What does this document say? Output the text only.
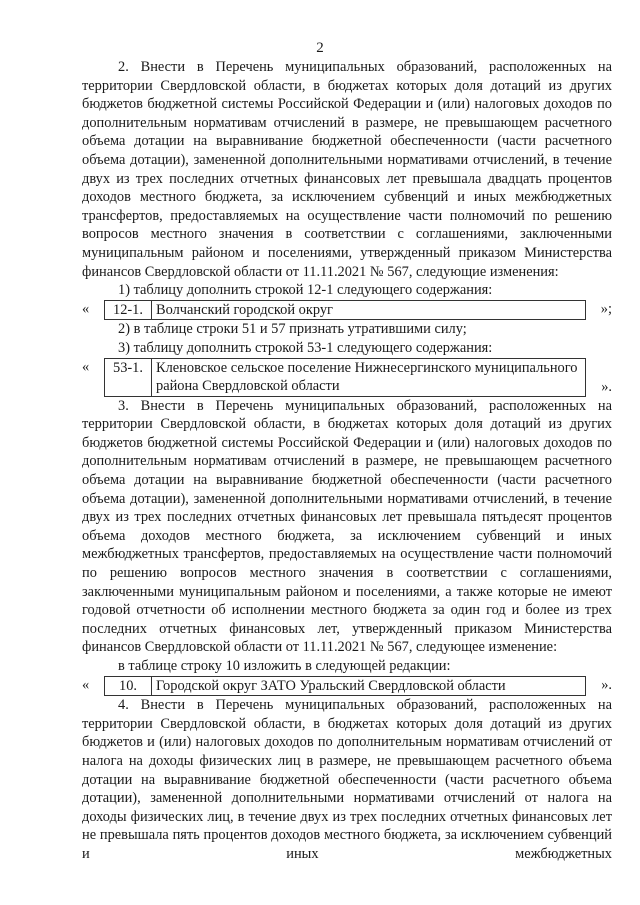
2

2. Внести в Перечень муниципальных образований, расположенных на территории Свердловской области, в бюджетах которых доля дотаций из других бюджетов бюджетной системы Российской Федерации и (или) налоговых доходов по дополнительным нормативам отчислений в размере, не превышающем расчетного объема дотации на выравнивание бюджетной обеспеченности (части расчетного объема дотации), замененной дополнительными нормативами отчислений, в течение двух из трех последних отчетных финансовых лет превышала двадцать процентов доходов местного бюджета, за исключением субвенций и иных межбюджетных трансфертов, предоставляемых на осуществление части полномочий по решению вопросов местного значения в соответствии с соглашениями, заключенными муниципальным районом и поселениями, утвержденный приказом Министерства финансов Свердловской области от 11.11.2021 № 567, следующие изменения:

1) таблицу дополнить строкой 12-1 следующего содержания:

«	12-1. Волчанский городской округ	»;

2) в таблице строки 51 и 57 признать утратившими силу;

3) таблицу дополнить строкой 53-1 следующего содержания:

«	53-1. Кленовское сельское поселение Нижнесергинского муниципального района Свердловской области	».

3. Внести в Перечень муниципальных образований, расположенных на территории Свердловской области, в бюджетах которых доля дотаций из других бюджетов бюджетной системы Российской Федерации и (или) налоговых доходов по дополнительным нормативам отчислений в размере, не превышающем расчетного объема дотации на выравнивание бюджетной обеспеченности (части расчетного объема дотации), замененной дополнительными нормативами отчислений, в течение двух из трех последних отчетных финансовых лет превышала пятьдесят процентов объема доходов местного бюджета, за исключением субвенций и иных межбюджетных трансфертов, предоставляемых на осуществление части полномочий по решению вопросов местного значения в соответствии с соглашениями, заключенными муниципальным районом и поселениями, а также которые не имеют годовой отчетности об исполнении местного бюджета за один год и более из трех последних отчетных финансовых лет, утвержденный приказом Министерства финансов Свердловской области от 11.11.2021 № 567, следующее изменение:

в таблице строку 10 изложить в следующей редакции:

«	10.	Городской округ ЗАТО Уральский Свердловской области	».

4. Внести в Перечень муниципальных образований, расположенных на территории Свердловской области, в бюджетах которых доля дотаций из других бюджетов и (или) налоговых доходов по дополнительным нормативам отчислений от налога на доходы физических лиц в размере, не превышающем расчетного объема дотации на выравнивание бюджетной обеспеченности (части расчетного объема дотации), замененной дополнительными нормативами отчислений от налога на доходы физических лиц, в течение двух из трех последних отчетных финансовых лет не превышала пять процентов доходов местного бюджета, за исключением субвенций и иных межбюджетных
